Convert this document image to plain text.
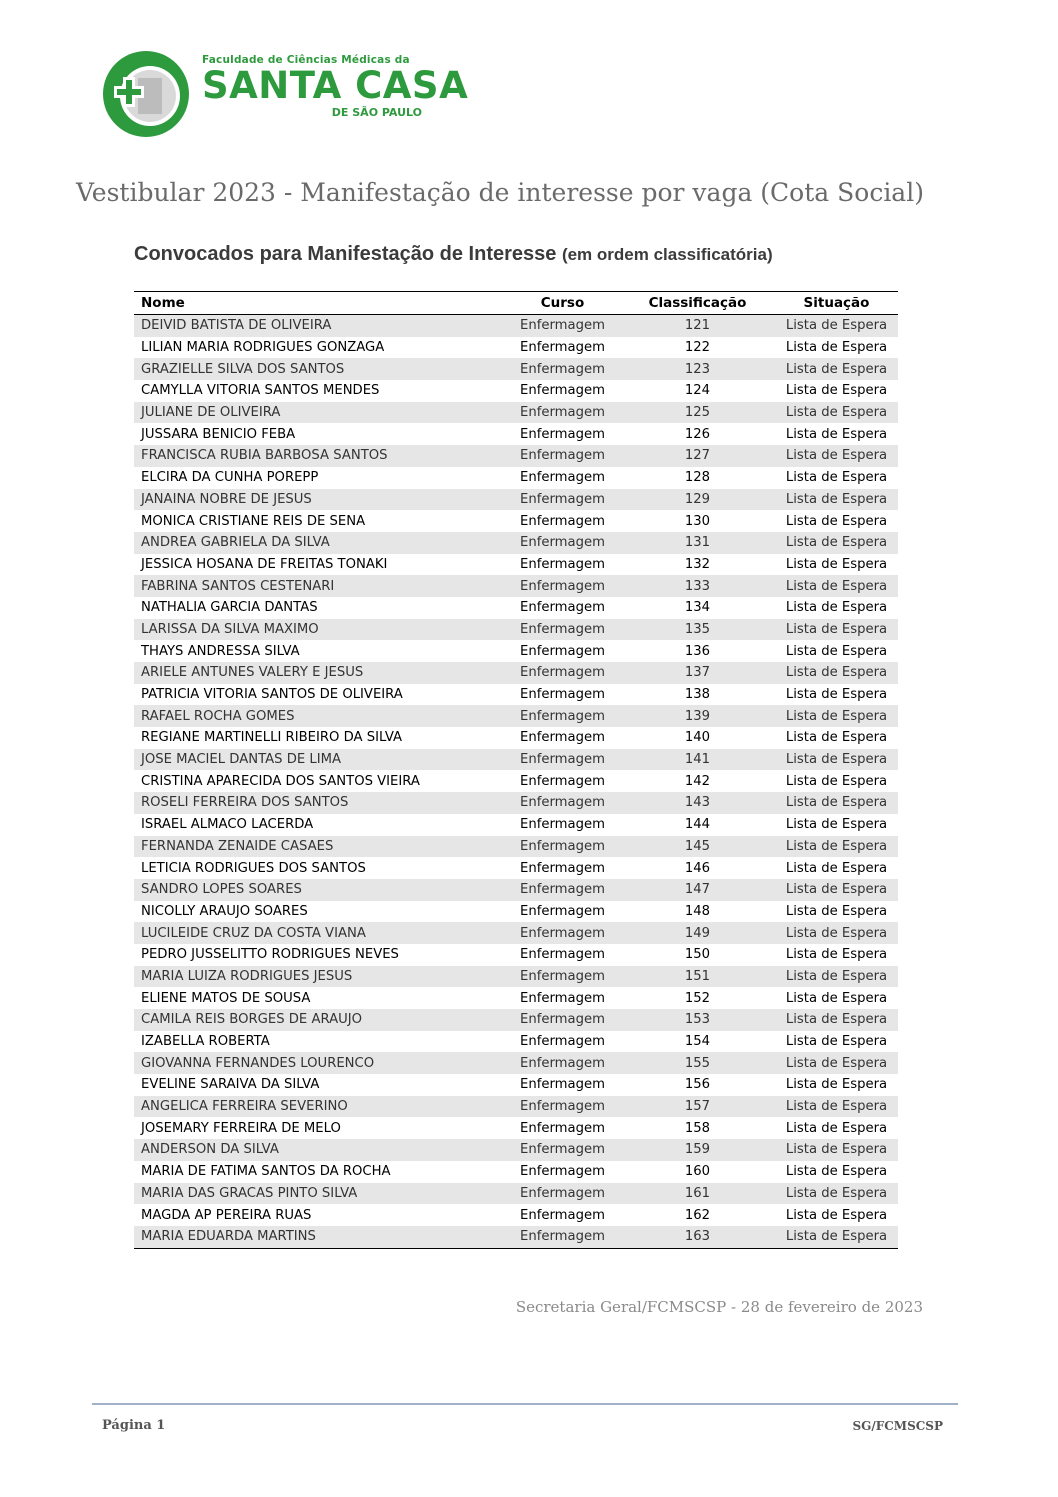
Faculdade de Ciências Médicas da
SANTA CASA
DE SÃO PAULO
Vestibular 2023 - Manifestação de interesse por vaga (Cota Social)
Convocados para Manifestação de Interesse (em ordem classificatória)
Nome	Curso	Classificação	Situação
DEIVID BATISTA DE OLIVEIRA	Enfermagem	121	Lista de Espera
LILIAN MARIA RODRIGUES GONZAGA	Enfermagem	122	Lista de Espera
GRAZIELLE SILVA DOS SANTOS	Enfermagem	123	Lista de Espera
CAMYLLA VITORIA SANTOS MENDES	Enfermagem	124	Lista de Espera
JULIANE DE OLIVEIRA	Enfermagem	125	Lista de Espera
JUSSARA BENICIO FEBA	Enfermagem	126	Lista de Espera
FRANCISCA RUBIA BARBOSA SANTOS	Enfermagem	127	Lista de Espera
ELCIRA DA CUNHA POREPP	Enfermagem	128	Lista de Espera
JANAINA NOBRE DE JESUS	Enfermagem	129	Lista de Espera
MONICA CRISTIANE REIS DE SENA	Enfermagem	130	Lista de Espera
ANDREA GABRIELA DA SILVA	Enfermagem	131	Lista de Espera
JESSICA HOSANA DE FREITAS TONAKI	Enfermagem	132	Lista de Espera
FABRINA SANTOS CESTENARI	Enfermagem	133	Lista de Espera
NATHALIA GARCIA DANTAS	Enfermagem	134	Lista de Espera
LARISSA DA SILVA MAXIMO	Enfermagem	135	Lista de Espera
THAYS ANDRESSA SILVA	Enfermagem	136	Lista de Espera
ARIELE ANTUNES VALERY E JESUS	Enfermagem	137	Lista de Espera
PATRICIA VITORIA SANTOS DE OLIVEIRA	Enfermagem	138	Lista de Espera
RAFAEL ROCHA GOMES	Enfermagem	139	Lista de Espera
REGIANE MARTINELLI RIBEIRO DA SILVA	Enfermagem	140	Lista de Espera
JOSE MACIEL DANTAS DE LIMA	Enfermagem	141	Lista de Espera
CRISTINA APARECIDA DOS SANTOS VIEIRA	Enfermagem	142	Lista de Espera
ROSELI FERREIRA DOS SANTOS	Enfermagem	143	Lista de Espera
ISRAEL ALMACO LACERDA	Enfermagem	144	Lista de Espera
FERNANDA ZENAIDE CASAES	Enfermagem	145	Lista de Espera
LETICIA RODRIGUES DOS SANTOS	Enfermagem	146	Lista de Espera
SANDRO LOPES SOARES	Enfermagem	147	Lista de Espera
NICOLLY ARAUJO SOARES	Enfermagem	148	Lista de Espera
LUCILEIDE CRUZ DA COSTA VIANA	Enfermagem	149	Lista de Espera
PEDRO JUSSELITTO RODRIGUES NEVES	Enfermagem	150	Lista de Espera
MARIA LUIZA RODRIGUES JESUS	Enfermagem	151	Lista de Espera
ELIENE MATOS DE SOUSA	Enfermagem	152	Lista de Espera
CAMILA REIS BORGES DE ARAUJO	Enfermagem	153	Lista de Espera
IZABELLA ROBERTA	Enfermagem	154	Lista de Espera
GIOVANNA FERNANDES LOURENCO	Enfermagem	155	Lista de Espera
EVELINE SARAIVA DA SILVA	Enfermagem	156	Lista de Espera
ANGELICA FERREIRA SEVERINO	Enfermagem	157	Lista de Espera
JOSEMARY FERREIRA DE MELO	Enfermagem	158	Lista de Espera
ANDERSON DA SILVA	Enfermagem	159	Lista de Espera
MARIA DE FATIMA SANTOS DA ROCHA	Enfermagem	160	Lista de Espera
MARIA DAS GRACAS PINTO SILVA	Enfermagem	161	Lista de Espera
MAGDA AP PEREIRA RUAS	Enfermagem	162	Lista de Espera
MARIA EDUARDA MARTINS	Enfermagem	163	Lista de Espera
Secretaria Geral/FCMSCSP - 28 de fevereiro de 2023
Página 1	SG/FCMSCSP
